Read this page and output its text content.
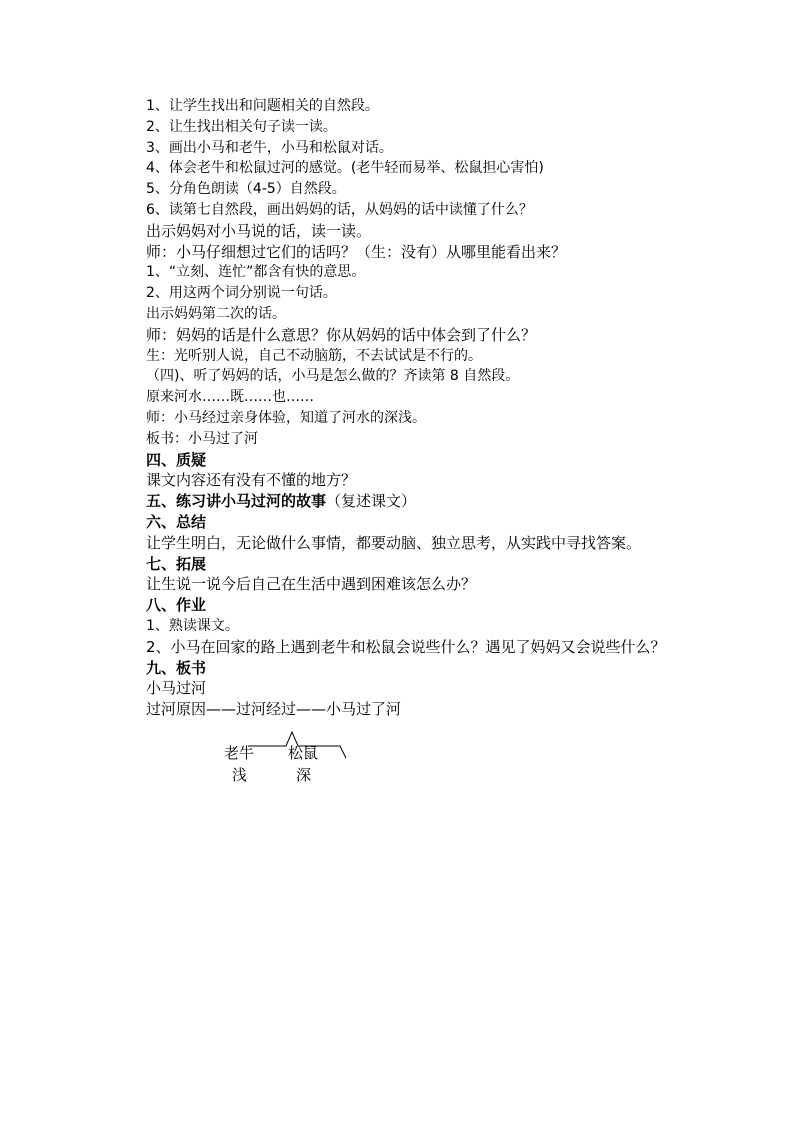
1、让学生找出和问题相关的自然段。
2、让生找出相关句子读一读。
3、画出小马和老牛，小马和松鼠对话。
4、体会老牛和松鼠过河的感觉。(老牛轻而易举、松鼠担心害怕)
5、分角色朗读（4-5）自然段。
6、读第七自然段，画出妈妈的话，从妈妈的话中读懂了什么？
出示妈妈对小马说的话，读一读。
师：小马仔细想过它们的话吗？（生：没有）从哪里能看出来？
1、“立刻、连忙”都含有快的意思。
2、用这两个词分别说一句话。
出示妈妈第二次的话。
师：妈妈的话是什么意思？你从妈妈的话中体会到了什么？
生：光听别人说，自己不动脑筋，不去试试是不行的。
（四)、听了妈妈的话，小马是怎么做的？齐读第 8 自然段。
原来河水……既……也……
师：小马经过亲身体验，知道了河水的深浅。
板书：小马过了河
四、质疑
课文内容还有没有不懂的地方？
五、练习讲小马过河的故事（复述课文）
六、总结
让学生明白，无论做什么事情，都要动脑、独立思考，从实践中寻找答案。
七、拓展
让生说一说今后自己在生活中遇到困难该怎么办？
八、作业
1、熟读课文。
2、小马在回家的路上遇到老牛和松鼠会说些什么？遇见了妈妈又会说些什么？
九、板书
小马过河
过河原因——过河经过——小马过了河
老牛 松鼠
浅	深
